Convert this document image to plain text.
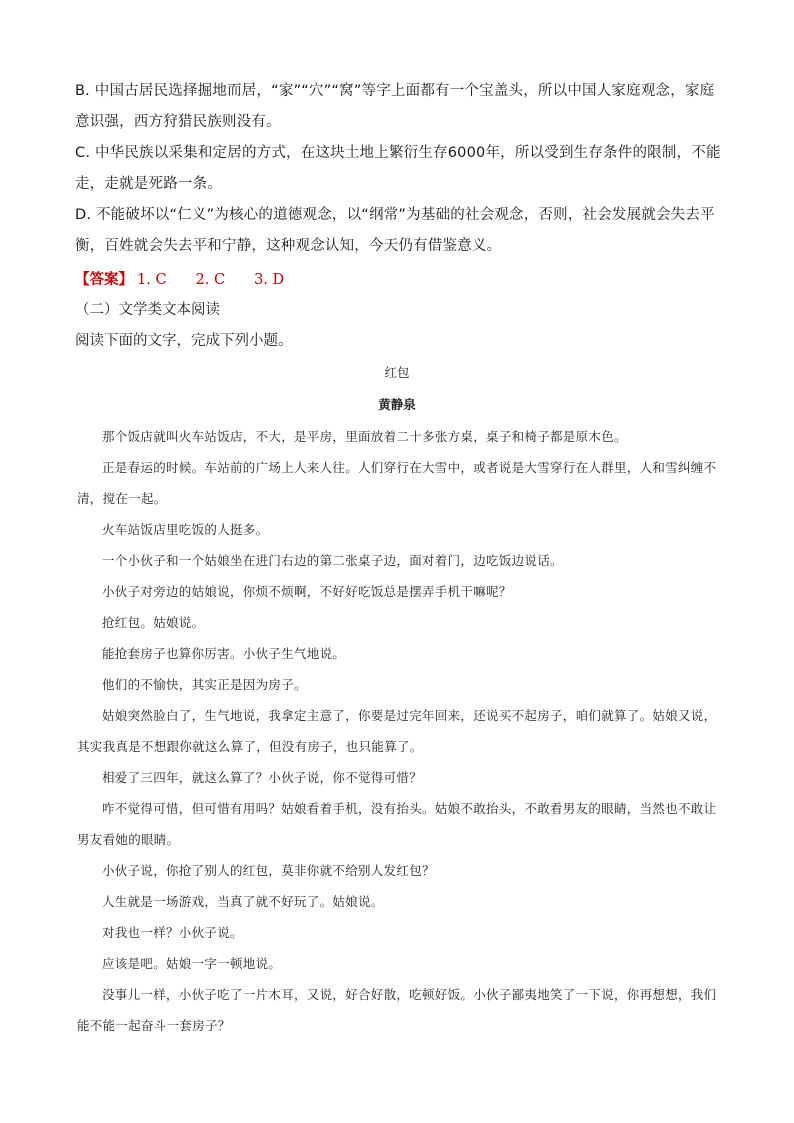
B. 中国古居民选择掘地而居，“家”“穴”“窝”等字上面都有一个宝盖头，所以中国人家庭观念，家庭意识强，西方狩猎民族则没有。

C. 中华民族以采集和定居的方式，在这块土地上繁衍生存6000年，所以受到生存条件的限制，不能走，走就是死路一条。

D. 不能破坏以“仁义”为核心的道德观念，以“纲常”为基础的社会观念，否则，社会发展就会失去平衡，百姓就会失去平和宁静，这种观念认知，今天仍有借鉴意义。

【答案】 1. C　　2. C　　3. D
（二）文学类文本阅读
阅读下面的文字，完成下列小题。
红包
黄静泉

那个饭店就叫火车站饭店，不大，是平房，里面放着二十多张方桌，桌子和椅子都是原木色。

正是春运的时候。车站前的广场上人来人往。人们穿行在大雪中，或者说是大雪穿行在人群里，人和雪纠缠不清，搅在一起。

火车站饭店里吃饭的人挺多。

一个小伙子和一个姑娘坐在进门右边的第二张桌子边，面对着门，边吃饭边说话。

小伙子对旁边的姑娘说，你烦不烦啊，不好好吃饭总是摆弄手机干嘛呢？

抢红包。姑娘说。

能抢套房子也算你厉害。小伙子生气地说。

他们的不愉快，其实正是因为房子。

姑娘突然脸白了，生气地说，我拿定主意了，你要是过完年回来，还说买不起房子，咱们就算了。姑娘又说，其实我真是不想跟你就这么算了，但没有房子，也只能算了。

相爱了三四年，就这么算了？小伙子说，你不觉得可惜？

咋不觉得可惜，但可惜有用吗？姑娘看着手机，没有抬头。姑娘不敢抬头，不敢看男友的眼睛，当然也不敢让男友看她的眼睛。

小伙子说，你抢了别人的红包，莫非你就不给别人发红包？

人生就是一场游戏，当真了就不好玩了。姑娘说。

对我也一样？小伙子说。

应该是吧。姑娘一字一顿地说。

没事儿一样，小伙子吃了一片木耳，又说，好合好散，吃顿好饭。小伙子鄙夷地笑了一下说，你再想想，我们能不能一起奋斗一套房子？
